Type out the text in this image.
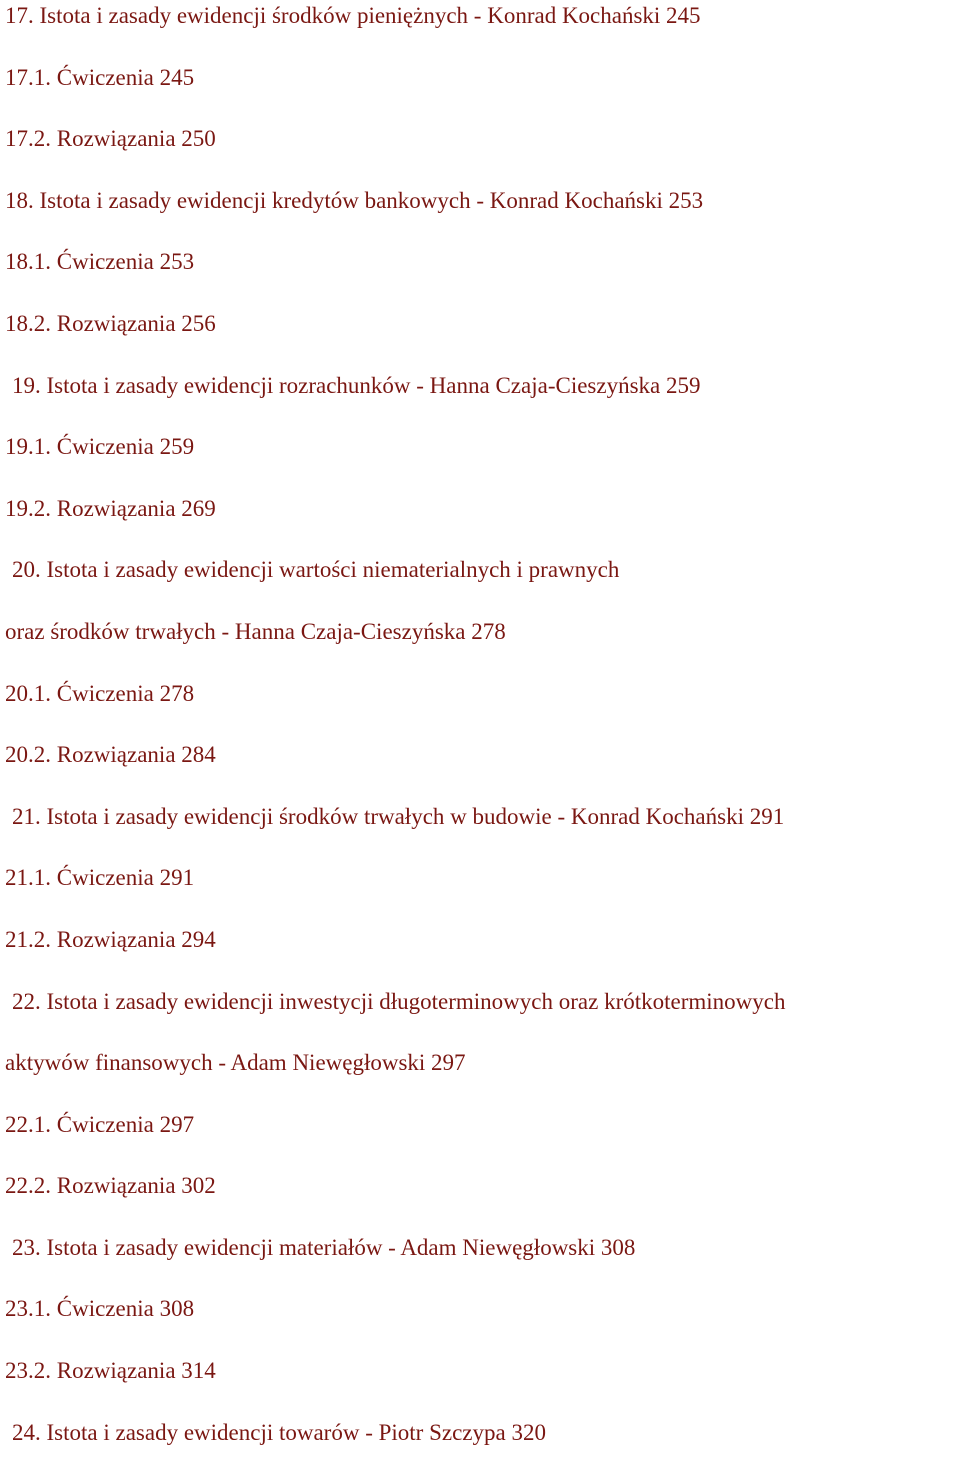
17. Istota i zasady ewidencji środków pieniężnych - Konrad Kochański 245
17.1. Ćwiczenia 245
17.2. Rozwiązania 250
18. Istota i zasady ewidencji kredytów bankowych - Konrad Kochański 253
18.1. Ćwiczenia 253
18.2. Rozwiązania 256
19. Istota i zasady ewidencji rozrachunków - Hanna Czaja-Cieszyńska 259
19.1. Ćwiczenia 259
19.2. Rozwiązania 269
20. Istota i zasady ewidencji wartości niematerialnych i prawnych
oraz środków trwałych - Hanna Czaja-Cieszyńska 278
20.1. Ćwiczenia 278
20.2. Rozwiązania 284
21. Istota i zasady ewidencji środków trwałych w budowie - Konrad Kochański 291
21.1. Ćwiczenia 291
21.2. Rozwiązania 294
22. Istota i zasady ewidencji inwestycji długoterminowych oraz krótkoterminowych
aktywów finansowych - Adam Niewęgłowski 297
22.1. Ćwiczenia 297
22.2. Rozwiązania 302
23. Istota i zasady ewidencji materiałów - Adam Niewęgłowski 308
23.1. Ćwiczenia 308
23.2. Rozwiązania 314
24. Istota i zasady ewidencji towarów - Piotr Szczypa 320
